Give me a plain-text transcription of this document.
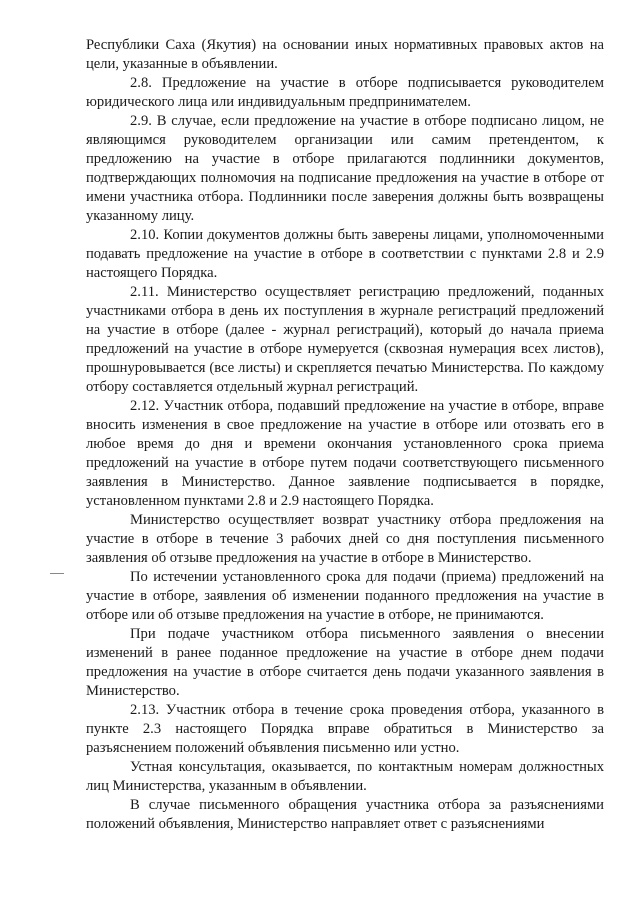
Республики Саха (Якутия) на основании иных нормативных правовых актов на цели, указанные в объявлении.

2.8. Предложение на участие в отборе подписывается руководителем юридического лица или индивидуальным предпринимателем.

2.9. В случае, если предложение на участие в отборе подписано лицом, не являющимся руководителем организации или самим претендентом, к предложению на участие в отборе прилагаются подлинники документов, подтверждающих полномочия на подписание предложения на участие в отборе от имени участника отбора. Подлинники после заверения должны быть возвращены указанному лицу.

2.10. Копии документов должны быть заверены лицами, уполномоченными подавать предложение на участие в отборе в соответствии с пунктами 2.8 и 2.9 настоящего Порядка.

2.11. Министерство осуществляет регистрацию предложений, поданных участниками отбора в день их поступления в журнале регистраций предложений на участие в отборе (далее - журнал регистраций), который до начала приема предложений на участие в отборе нумеруется (сквозная нумерация всех листов), прошнуровывается (все листы) и скрепляется печатью Министерства. По каждому отбору составляется отдельный журнал регистраций.

2.12. Участник отбора, подавший предложение на участие в отборе, вправе вносить изменения в свое предложение на участие в отборе или отозвать его в любое время до дня и времени окончания установленного срока приема предложений на участие в отборе путем подачи соответствующего письменного заявления в Министерство. Данное заявление подписывается в порядке, установленном пунктами 2.8 и 2.9 настоящего Порядка.

Министерство осуществляет возврат участнику отбора предложения на участие в отборе в течение 3 рабочих дней со дня поступления письменного заявления об отзыве предложения на участие в отборе в Министерство.

По истечении установленного срока для подачи (приема) предложений на участие в отборе, заявления об изменении поданного предложения на участие в отборе или об отзыве предложения на участие в отборе, не принимаются.

При подаче участником отбора письменного заявления о внесении изменений в ранее поданное предложение на участие в отборе днем подачи предложения на участие в отборе считается день подачи указанного заявления в Министерство.

2.13. Участник отбора в течение срока проведения отбора, указанного в пункте 2.3 настоящего Порядка вправе обратиться в Министерство за разъяснением положений объявления письменно или устно.

Устная консультация, оказывается, по контактным номерам должностных лиц Министерства, указанным в объявлении.

В случае письменного обращения участника отбора за разъяснениями положений объявления, Министерство направляет ответ с разъяснениями
